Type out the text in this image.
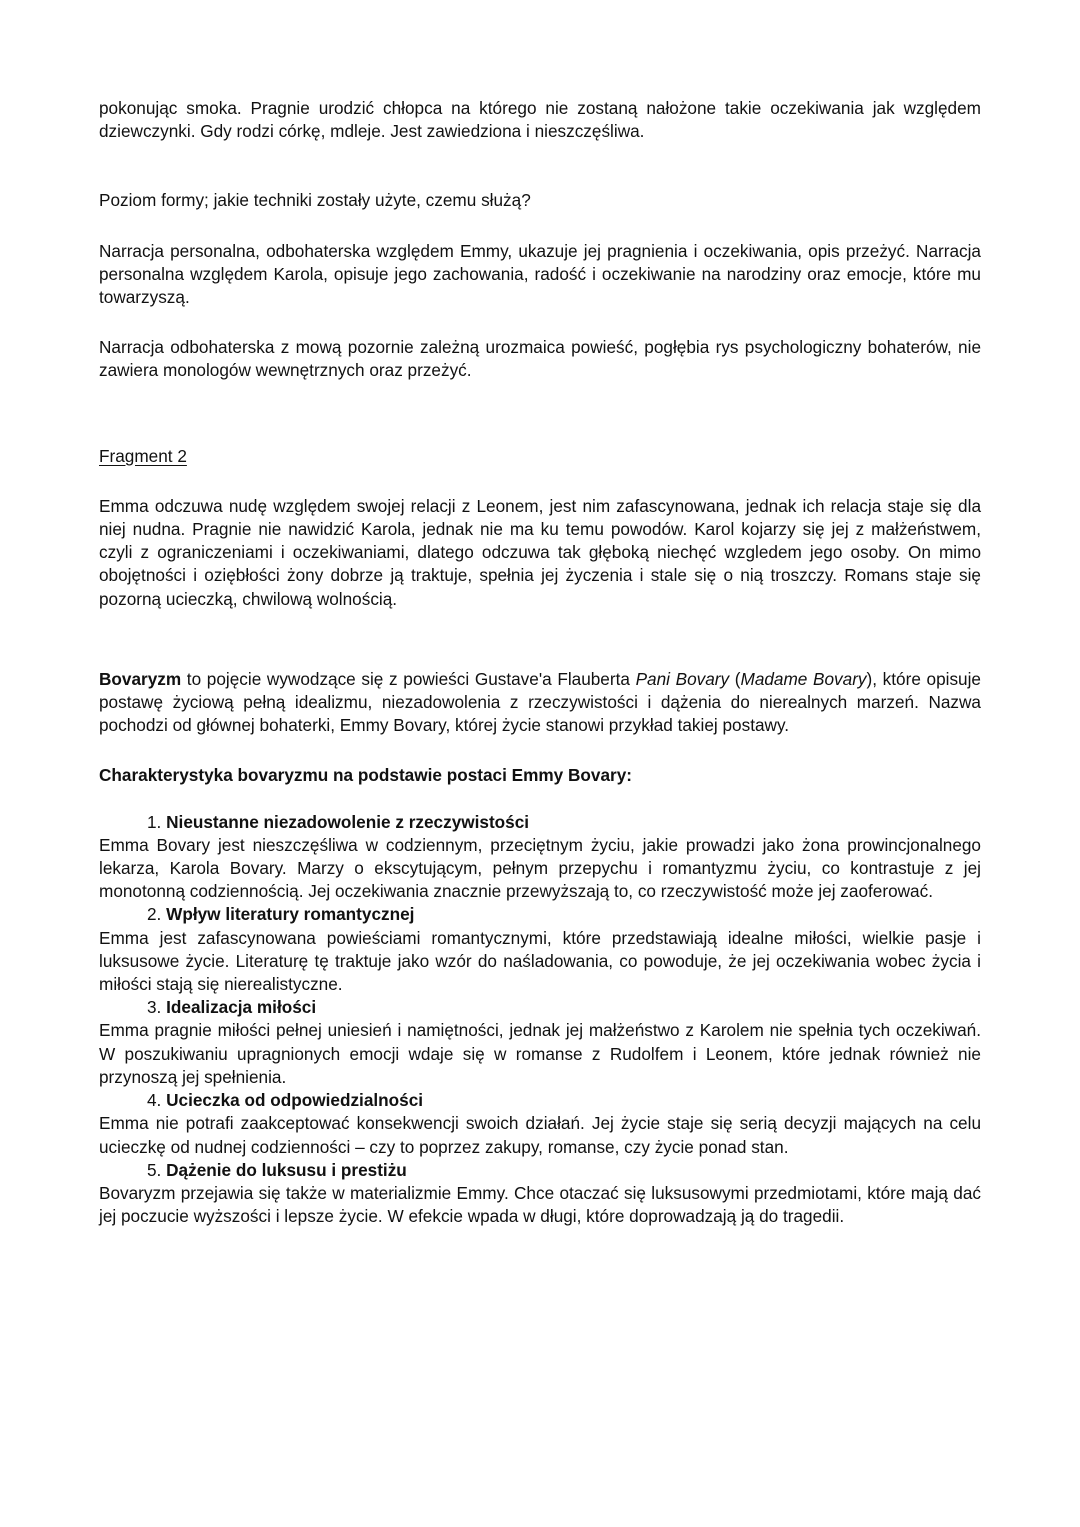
pokonując smoka. Pragnie urodzić chłopca na którego nie zostaną nałożone takie oczekiwania jak względem dziewczynki. Gdy rodzi córkę, mdleje. Jest zawiedziona i nieszczęśliwa.

Poziom formy; jakie techniki zostały użyte, czemu służą?

Narracja personalna, odbohaterska względem Emmy, ukazuje jej pragnienia i oczekiwania, opis przeżyć. Narracja personalna względem Karola, opisuje jego zachowania, radość i oczekiwanie na narodziny oraz emocje, które mu towarzyszą.

Narracja odbohaterska z mową pozornie zależną urozmaica powieść, pogłębia rys psychologiczny bohaterów, nie zawiera monologów wewnętrznych oraz przeżyć.

Fragment 2

Emma odczuwa nudę względem swojej relacji z Leonem, jest nim zafascynowana, jednak ich relacja staje się dla niej nudna. Pragnie nie nawidzić Karola, jednak nie ma ku temu powodów. Karol kojarzy się jej z małżeństwem, czyli z ograniczeniami i oczekiwaniami, dlatego odczuwa tak głęboką niechęć wzgledem jego osoby. On mimo obojętności i oziębłości żony dobrze ją traktuje, spełnia jej życzenia i stale się o nią troszczy. Romans staje się pozorną ucieczką, chwilową wolnością.

Bovaryzm to pojęcie wywodzące się z powieści Gustave'a Flauberta Pani Bovary (Madame Bovary), które opisuje postawę życiową pełną idealizmu, niezadowolenia z rzeczywistości i dążenia do nierealnych marzeń. Nazwa pochodzi od głównej bohaterki, Emmy Bovary, której życie stanowi przykład takiej postawy.

Charakterystyka bovaryzmu na podstawie postaci Emmy Bovary:

1. Nieustanne niezadowolenie z rzeczywistości

Emma Bovary jest nieszczęśliwa w codziennym, przeciętnym życiu, jakie prowadzi jako żona prowincjonalnego lekarza, Karola Bovary. Marzy o ekscytującym, pełnym przepychu i romantyzmu życiu, co kontrastuje z jej monotonną codziennością. Jej oczekiwania znacznie przewyższają to, co rzeczywistość może jej zaoferować.

2. Wpływ literatury romantycznej

Emma jest zafascynowana powieściami romantycznymi, które przedstawiają idealne miłości, wielkie pasje i luksusowe życie. Literaturę tę traktuje jako wzór do naśladowania, co powoduje, że jej oczekiwania wobec życia i miłości stają się nierealistyczne.

3. Idealizacja miłości

Emma pragnie miłości pełnej uniesień i namiętności, jednak jej małżeństwo z Karolem nie spełnia tych oczekiwań. W poszukiwaniu upragnionych emocji wdaje się w romanse z Rudolfem i Leonem, które jednak również nie przynoszą jej spełnienia.

4. Ucieczka od odpowiedzialności

Emma nie potrafi zaakceptować konsekwencji swoich działań. Jej życie staje się serią decyzji mających na celu ucieczkę od nudnej codzienności – czy to poprzez zakupy, romanse, czy życie ponad stan.

5. Dążenie do luksusu i prestiżu

Bovaryzm przejawia się także w materializmie Emmy. Chce otaczać się luksusowymi przedmiotami, które mają dać jej poczucie wyższości i lepsze życie. W efekcie wpada w długi, które doprowadzają ją do tragedii.
